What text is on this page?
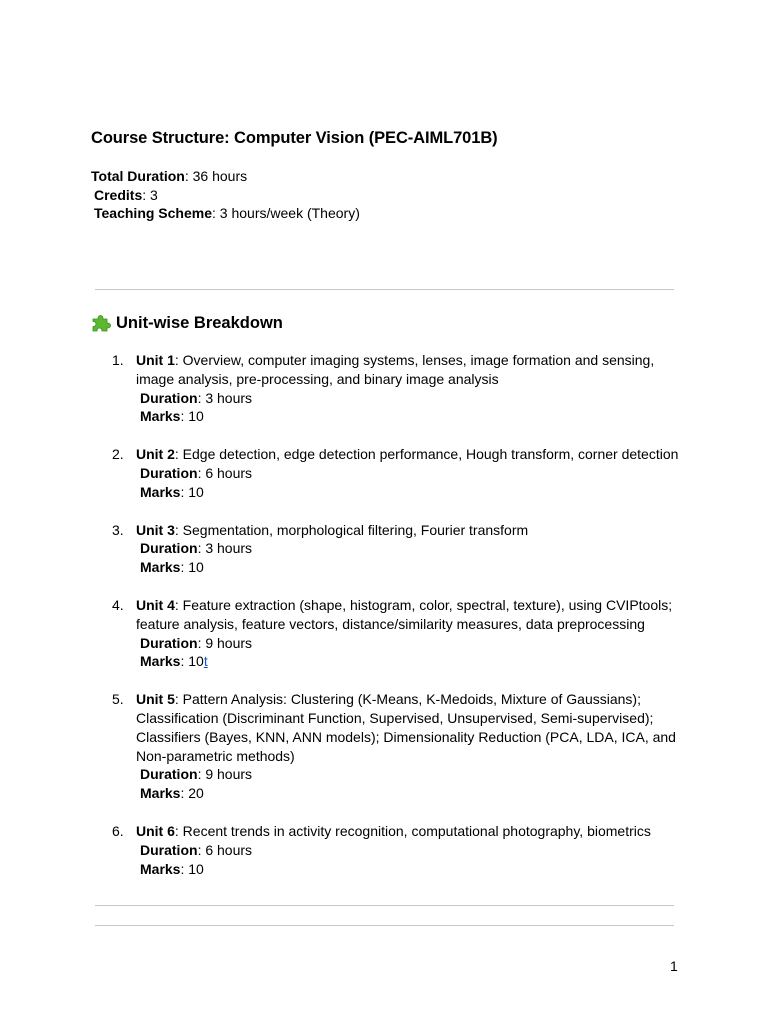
Course Structure: Computer Vision (PEC-AIML701B)
Total Duration: 36 hours
Credits: 3
Teaching Scheme: 3 hours/week (Theory)
Unit-wise Breakdown
1. Unit 1: Overview, computer imaging systems, lenses, image formation and sensing, image analysis, pre-processing, and binary image analysis
Duration: 3 hours
Marks: 10
2. Unit 2: Edge detection, edge detection performance, Hough transform, corner detection
Duration: 6 hours
Marks: 10
3. Unit 3: Segmentation, morphological filtering, Fourier transform
Duration: 3 hours
Marks: 10
4. Unit 4: Feature extraction (shape, histogram, color, spectral, texture), using CVIPtools; feature analysis, feature vectors, distance/similarity measures, data preprocessing
Duration: 9 hours
Marks: 10t
5. Unit 5: Pattern Analysis: Clustering (K-Means, K-Medoids, Mixture of Gaussians); Classification (Discriminant Function, Supervised, Unsupervised, Semi-supervised); Classifiers (Bayes, KNN, ANN models); Dimensionality Reduction (PCA, LDA, ICA, and Non-parametric methods)
Duration: 9 hours
Marks: 20
6. Unit 6: Recent trends in activity recognition, computational photography, biometrics
Duration: 6 hours
Marks: 10
1
